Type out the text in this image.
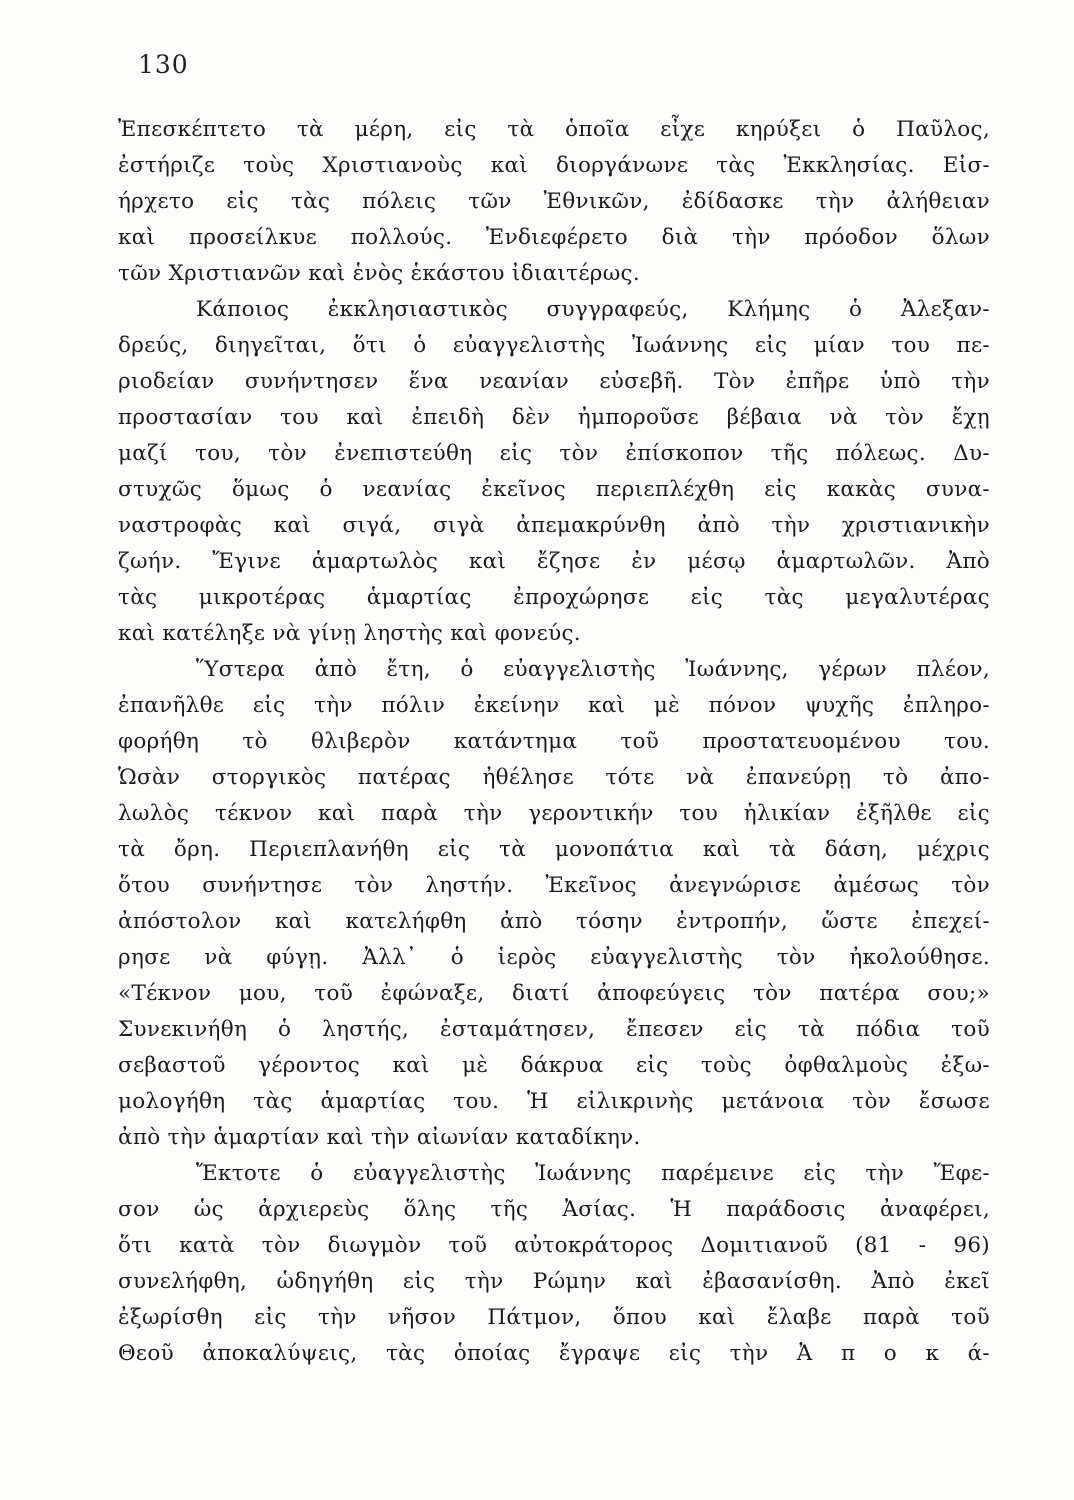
130
Ἐπεσκέπτετο τὰ μέρη, εἰς τὰ ὁποῖα εἶχε κηρύξει ὁ Παῦλος,
ἐστήριζε τοὺς Χριστιανοὺς καὶ διοργάνωνε τὰς Ἐκκλησίας. Εἰσ-
ήρχετο εἰς τὰς πόλεις τῶν Ἐθνικῶν, ἐδίδασκε τὴν ἀλήθειαν
καὶ προσείλκυε πολλούς. Ἐνδιεφέρετο διὰ τὴν πρόοδον ὅλων
τῶν Χριστιανῶν καὶ ἑνὸς ἑκάστου ἰδιαιτέρως.
Κάποιος ἐκκλησιαστικὸς συγγραφεύς, Κλήμης ὁ Ἀλεξαν-
δρεύς, διηγεῖται, ὅτι ὁ εὐαγγελιστὴς Ἰωάννης εἰς μίαν του πε-
ριοδείαν συνήντησεν ἕνα νεανίαν εὐσεβῆ. Τὸν ἐπῆρε ὑπὸ τὴν
προστασίαν του καὶ ἐπειδὴ δὲν ἠμποροῦσε βέβαια νὰ τὸν ἔχῃ
μαζί του, τὸν ἐνεπιστεύθη εἰς τὸν ἐπίσκοπον τῆς πόλεως. Δυ-
στυχῶς ὅμως ὁ νεανίας ἐκεῖνος περιεπλέχθη εἰς κακὰς συνα-
ναστροφὰς καὶ σιγά, σιγὰ ἀπεμακρύνθη ἀπὸ τὴν χριστιανικὴν
ζωήν. Ἔγινε ἁμαρτωλὸς καὶ ἔζησε ἐν μέσῳ ἁμαρτωλῶν. Ἀπὸ
τὰς μικροτέρας ἁμαρτίας ἐπροχώρησε εἰς τὰς μεγαλυτέρας
καὶ κατέληξε νὰ γίνῃ ληστὴς καὶ φονεύς.
Ὕστερα ἀπὸ ἔτη, ὁ εὐαγγελιστὴς Ἰωάννης, γέρων πλέον,
ἐπανῆλθε εἰς τὴν πόλιν ἐκείνην καὶ μὲ πόνον ψυχῆς ἐπληρο-
φορήθη τὸ θλιβερὸν κατάντημα τοῦ προστατευομένου του.
Ὡσὰν στοργικὸς πατέρας ἠθέλησε τότε νὰ ἐπανεύρῃ τὸ ἀπο-
λωλὸς τέκνον καὶ παρὰ τὴν γεροντικήν του ἡλικίαν ἐξῆλθε εἰς
τὰ ὄρη. Περιεπλανήθη εἰς τὰ μονοπάτια καὶ τὰ δάση, μέχρις
ὅτου συνήντησε τὸν ληστήν. Ἐκεῖνος ἀνεγνώρισε ἀμέσως τὸν
ἀπόστολον καὶ κατελήφθη ἀπὸ τόσην ἐντροπήν, ὥστε ἐπεχεί-
ρησε νὰ φύγῃ. Ἀλλ᾽ ὁ ἱερὸς εὐαγγελιστὴς τὸν ἠκολούθησε.
«Τέκνον μου, τοῦ ἐφώναξε, διατί ἀποφεύγεις τὸν πατέρα σου;»
Συνεκινήθη ὁ ληστής, ἐσταμάτησεν, ἔπεσεν εἰς τὰ πόδια τοῦ
σεβαστοῦ γέροντος καὶ μὲ δάκρυα εἰς τοὺς ὀφθαλμοὺς ἐξω-
μολογήθη τὰς ἁμαρτίας του. Ἡ εἰλικρινὴς μετάνοια τὸν ἔσωσε
ἀπὸ τὴν ἁμαρτίαν καὶ τὴν αἰωνίαν καταδίκην.
Ἔκτοτε ὁ εὐαγγελιστὴς Ἰωάννης παρέμεινε εἰς τὴν Ἔφε-
σον ὡς ἀρχιερεὺς ὅλης τῆς Ἀσίας. Ἡ παράδοσις ἀναφέρει,
ὅτι κατὰ τὸν διωγμὸν τοῦ αὐτοκράτορος Δομιτιανοῦ (81 - 96)
συνελήφθη, ὡδηγήθη εἰς τὴν Ρώμην καὶ ἐβασανίσθη. Ἀπὸ ἐκεῖ
ἐξωρίσθη εἰς τὴν νῆσον Πάτμον, ὅπου καὶ ἔλαβε παρὰ τοῦ
Θεοῦ ἀποκαλύψεις, τὰς ὁποίας ἔγραψε εἰς τὴν Ἀ π ο κ ά-
